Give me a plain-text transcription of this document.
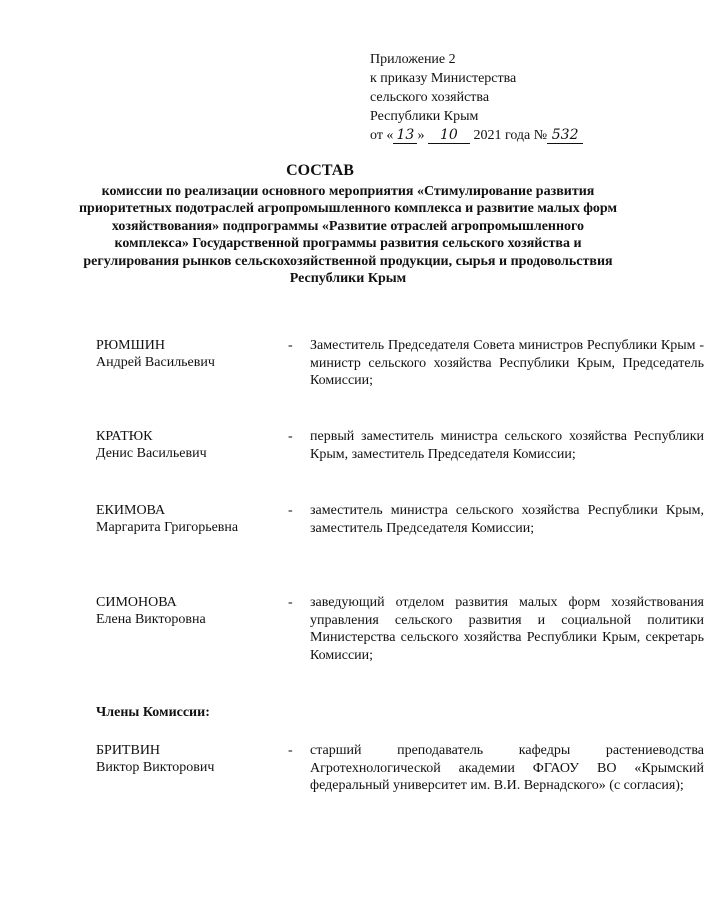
Приложение 2
к приказу Министерства
сельского хозяйства
Республики Крым
от « 13 » 10 2021 года № 532
СОСТАВ
комиссии по реализации основного мероприятия «Стимулирование развития приоритетных подотраслей агропромышленного комплекса и развитие малых форм хозяйствования» подпрограммы «Развитие отраслей агропромышленного комплекса» Государственной программы развития сельского хозяйства и регулирования рынков сельскохозяйственной продукции, сырья и продовольствия Республики Крым
РЮМШИН
Андрей Васильевич
-	Заместитель Председателя Совета министров Республики Крым - министр сельского хозяйства Республики Крым, Председатель Комиссии;
КРАТЮК
Денис Васильевич
-	первый заместитель министра сельского хозяйства Республики Крым, заместитель Председателя Комиссии;
ЕКИМОВА
Маргарита Григорьевна
-	заместитель министра сельского хозяйства Республики Крым, заместитель Председателя Комиссии;
СИМОНОВА
Елена Викторовна
-	заведующий отделом развития малых форм хозяйствования управления сельского развития и социальной политики Министерства сельского хозяйства Республики Крым, секретарь Комиссии;
Члены Комиссии:
БРИТВИН
Виктор Викторович
-	старший преподаватель кафедры растениеводства Агротехнологической академии ФГАОУ ВО «Крымский федеральный университет им. В.И. Вернадского» (с согласия);
